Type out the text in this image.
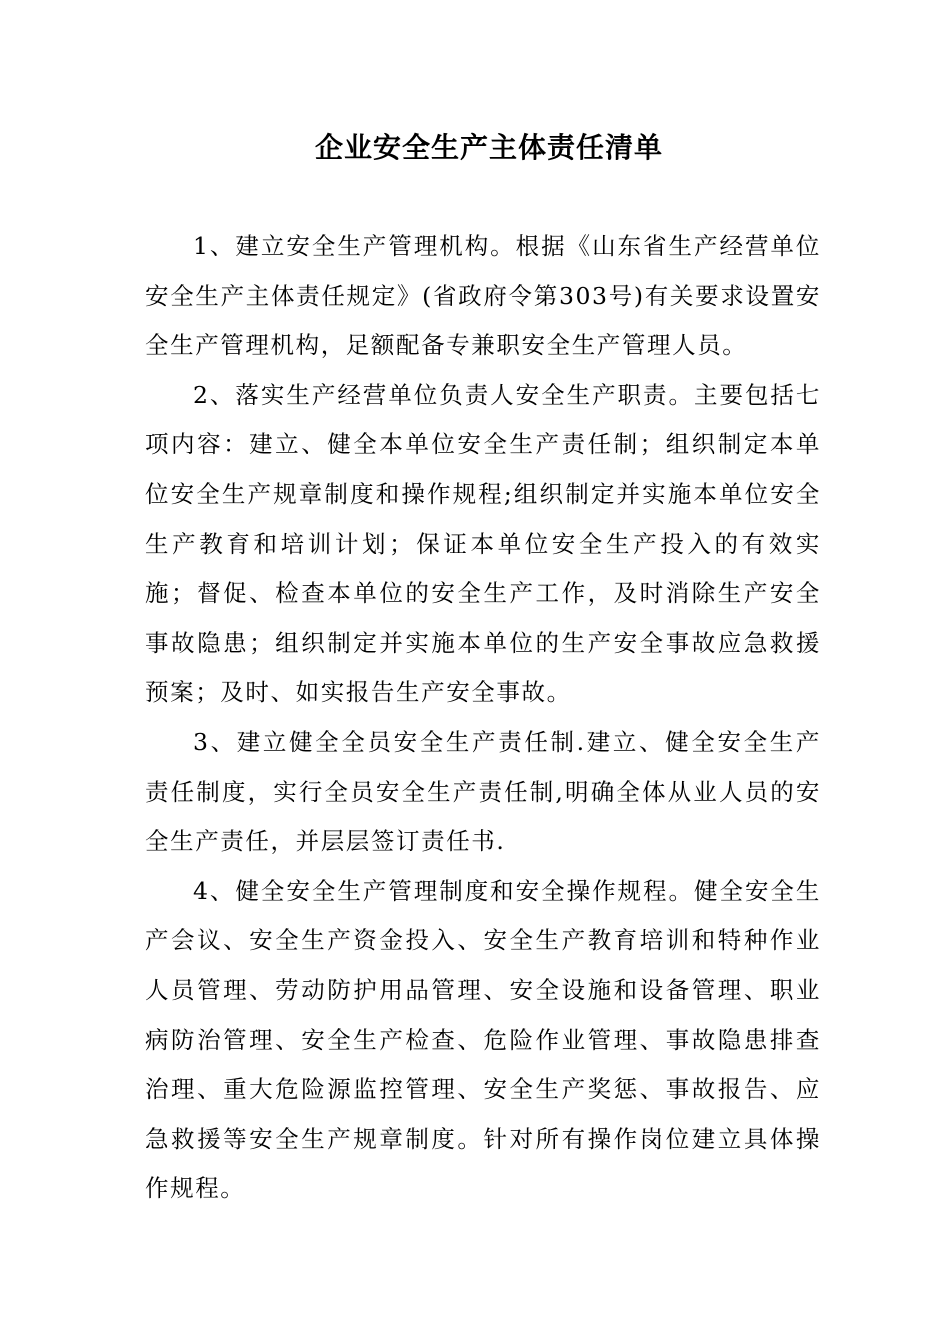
企业安全生产主体责任清单

1、建立安全生产管理机构。根据《山东省生产经营单位安全生产主体责任规定》(省政府令第303号)有关要求设置安全生产管理机构，足额配备专兼职安全生产管理人员。

2、落实生产经营单位负责人安全生产职责。主要包括七项内容：建立、健全本单位安全生产责任制；组织制定本单位安全生产规章制度和操作规程;组织制定并实施本单位安全生产教育和培训计划；保证本单位安全生产投入的有效实施；督促、检查本单位的安全生产工作，及时消除生产安全事故隐患；组织制定并实施本单位的生产安全事故应急救援预案；及时、如实报告生产安全事故。

3、建立健全全员安全生产责任制.建立、健全安全生产责任制度，实行全员安全生产责任制,明确全体从业人员的安全生产责任，并层层签订责任书.

4、健全安全生产管理制度和安全操作规程。健全安全生产会议、安全生产资金投入、安全生产教育培训和特种作业人员管理、劳动防护用品管理、安全设施和设备管理、职业病防治管理、安全生产检查、危险作业管理、事故隐患排查治理、重大危险源监控管理、安全生产奖惩、事故报告、应急救援等安全生产规章制度。针对所有操作岗位建立具体操作规程。
